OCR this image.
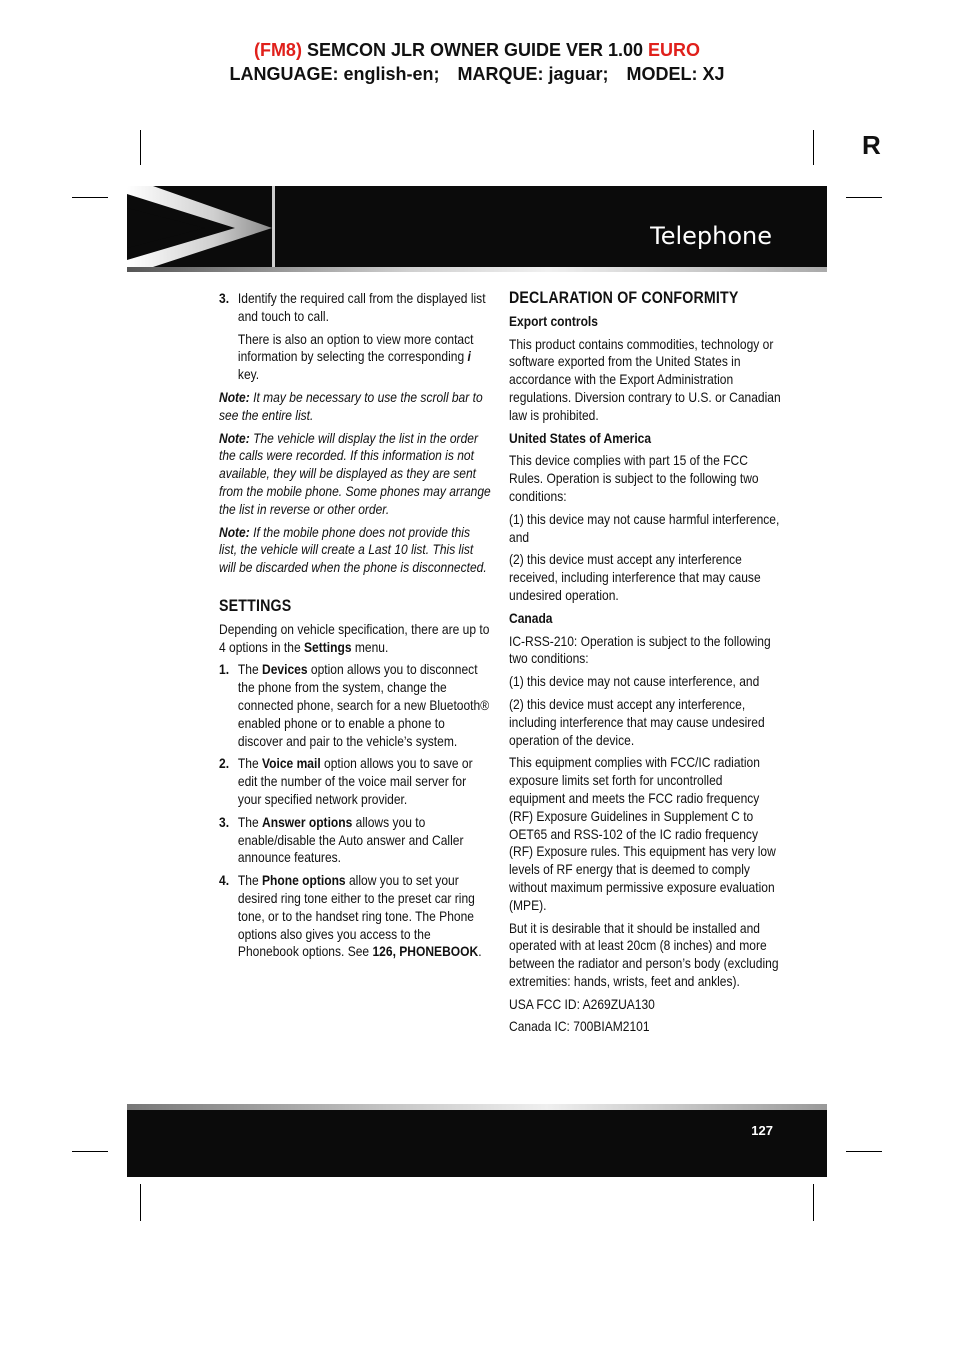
(FM8) SEMCON JLR OWNER GUIDE VER 1.00 EURO
LANGUAGE: english-en; MARQUE: jaguar; MODEL: XJ
R
Telephone
3. Identify the required call from the displayed list and touch to call.
There is also an option to view more contact information by selecting the corresponding i key.
Note: It may be necessary to use the scroll bar to see the entire list.
Note: The vehicle will display the list in the order the calls were recorded. If this information is not available, they will be displayed as they are sent from the mobile phone. Some phones may arrange the list in reverse or other order.
Note: If the mobile phone does not provide this list, the vehicle will create a Last 10 list. This list will be discarded when the phone is disconnected.
SETTINGS

Depending on vehicle specification, there are up to 4 options in the Settings menu.

1. The Devices option allows you to disconnect the phone from the system, change the connected phone, search for a new Bluetooth® enabled phone or to enable a phone to discover and pair to the vehicle’s system.
2. The Voice mail option allows you to save or edit the number of the voice mail server for your specified network provider.
3. The Answer options allows you to enable/disable the Auto answer and Caller announce features.
4. The Phone options allow you to set your desired ring tone either to the preset car ring tone, or to the handset ring tone. The Phone options also gives you access to the Phonebook options. See 126, PHONEBOOK.
DECLARATION OF CONFORMITY
Export controls

This product contains commodities, technology or software exported from the United States in accordance with the Export Administration regulations. Diversion contrary to U.S. or Canadian law is prohibited.

United States of America

This device complies with part 15 of the FCC Rules. Operation is subject to the following two conditions:

(1) this device may not cause harmful interference, and

(2) this device must accept any interference received, including interference that may cause undesired operation.

Canada

IC-RSS-210: Operation is subject to the following two conditions:

(1) this device may not cause interference, and

(2) this device must accept any interference, including interference that may cause undesired operation of the device.

This equipment complies with FCC/IC radiation exposure limits set forth for uncontrolled equipment and meets the FCC radio frequency (RF) Exposure Guidelines in Supplement C to OET65 and RSS-102 of the IC radio frequency (RF) Exposure rules. This equipment has very low levels of RF energy that is deemed to comply without maximum permissive exposure evaluation (MPE).

But it is desirable that it should be installed and operated with at least 20cm (8 inches) and more between the radiator and person’s body (excluding extremities: hands, wrists, feet and ankles).

USA FCC ID: A269ZUA130

Canada IC: 700BIAM2101

127
